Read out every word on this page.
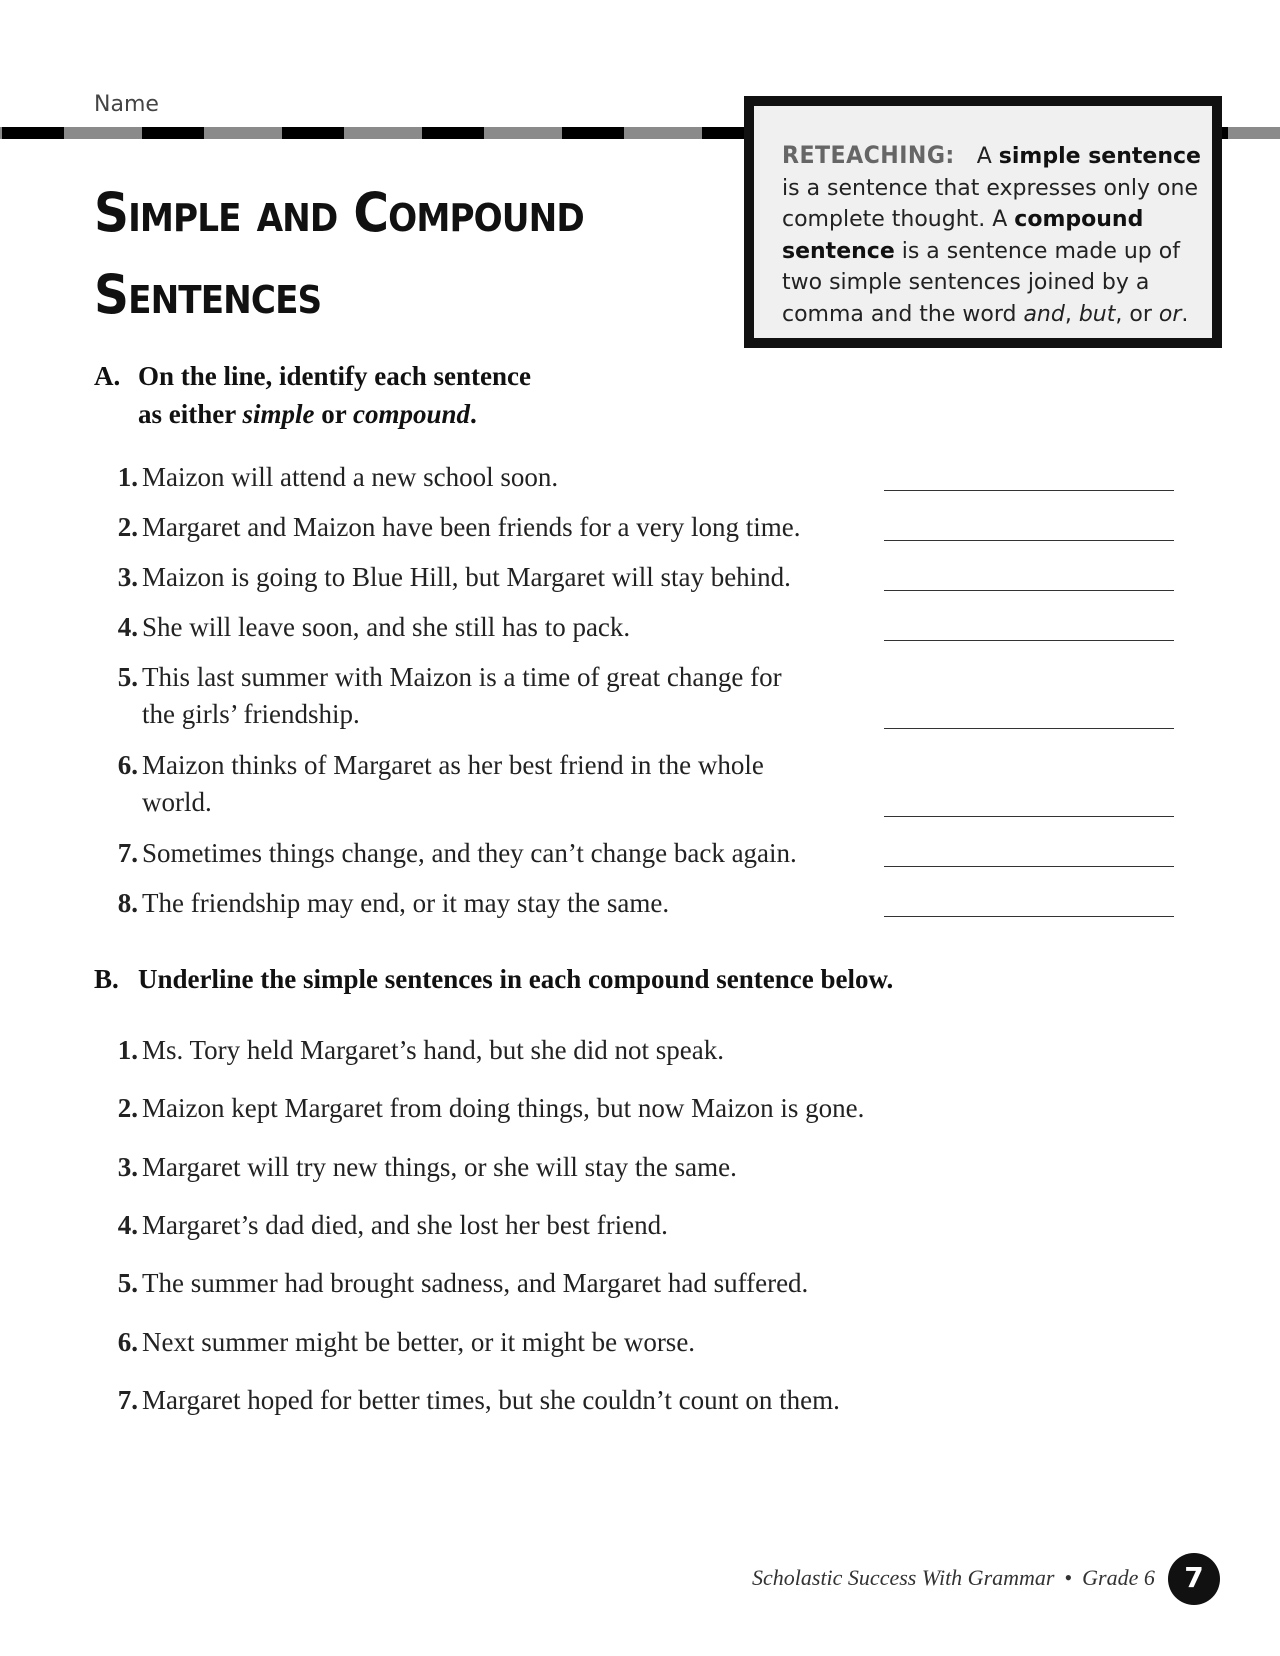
Name
Simple and Compound
Sentences
RETEACHING: A simple sentence is a sentence that expresses only one complete thought. A compound sentence is a sentence made up of two simple sentences joined by a comma and the word and, but, or or.
A. On the line, identify each sentence
as either simple or compound.
1. Maizon will attend a new school soon.
2. Margaret and Maizon have been friends for a very long time.
3. Maizon is going to Blue Hill, but Margaret will stay behind.
4. She will leave soon, and she still has to pack.
5. This last summer with Maizon is a time of great change for
the girls’ friendship.
6. Maizon thinks of Margaret as her best friend in the whole
world.
7. Sometimes things change, and they can’t change back again.
8. The friendship may end, or it may stay the same.
B. Underline the simple sentences in each compound sentence below.
1. Ms. Tory held Margaret’s hand, but she did not speak.
2. Maizon kept Margaret from doing things, but now Maizon is gone.
3. Margaret will try new things, or she will stay the same.
4. Margaret’s dad died, and she lost her best friend.
5. The summer had brought sadness, and Margaret had suffered.
6. Next summer might be better, or it might be worse.
7. Margaret hoped for better times, but she couldn’t count on them.
Scholastic Success With Grammar • Grade 6	7
